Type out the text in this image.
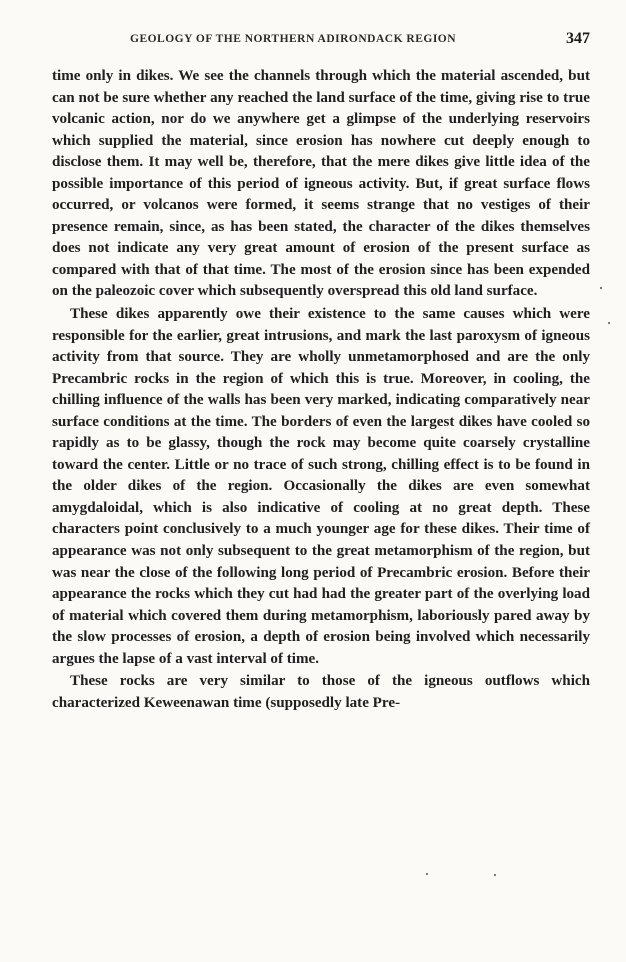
GEOLOGY OF THE NORTHERN ADIRONDACK REGION	347

time only in dikes. We see the channels through which the material ascended, but can not be sure whether any reached the land surface of the time, giving rise to true volcanic action, nor do we anywhere get a glimpse of the underlying reservoirs which supplied the material, since erosion has nowhere cut deeply enough to disclose them. It may well be, therefore, that the mere dikes give little idea of the possible importance of this period of igneous activity. But, if great surface flows occurred, or volcanos were formed, it seems strange that no vestiges of their presence remain, since, as has been stated, the character of the dikes themselves does not indicate any very great amount of erosion of the present surface as compared with that of that time. The most of the erosion since has been expended on the paleozoic cover which subsequently overspread this old land surface.

These dikes apparently owe their existence to the same causes which were responsible for the earlier, great intrusions, and mark the last paroxysm of igneous activity from that source. They are wholly unmetamorphosed and are the only Precambric rocks in the region of which this is true. Moreover, in cooling, the chilling influence of the walls has been very marked, indicating comparatively near surface conditions at the time. The borders of even the largest dikes have cooled so rapidly as to be glassy, though the rock may become quite coarsely crystalline toward the center. Little or no trace of such strong, chilling effect is to be found in the older dikes of the region. Occasionally the dikes are even somewhat amygdaloidal, which is also indicative of cooling at no great depth. These characters point conclusively to a much younger age for these dikes. Their time of appearance was not only subsequent to the great metamorphism of the region, but was near the close of the following long period of Precambric erosion. Before their appearance the rocks which they cut had had the greater part of the overlying load of material which covered them during metamorphism, laboriously pared away by the slow processes of erosion, a depth of erosion being involved which necessarily argues the lapse of a vast interval of time.

These rocks are very similar to those of the igneous outflows which characterized Keweenawan time (supposedly late Pre-
